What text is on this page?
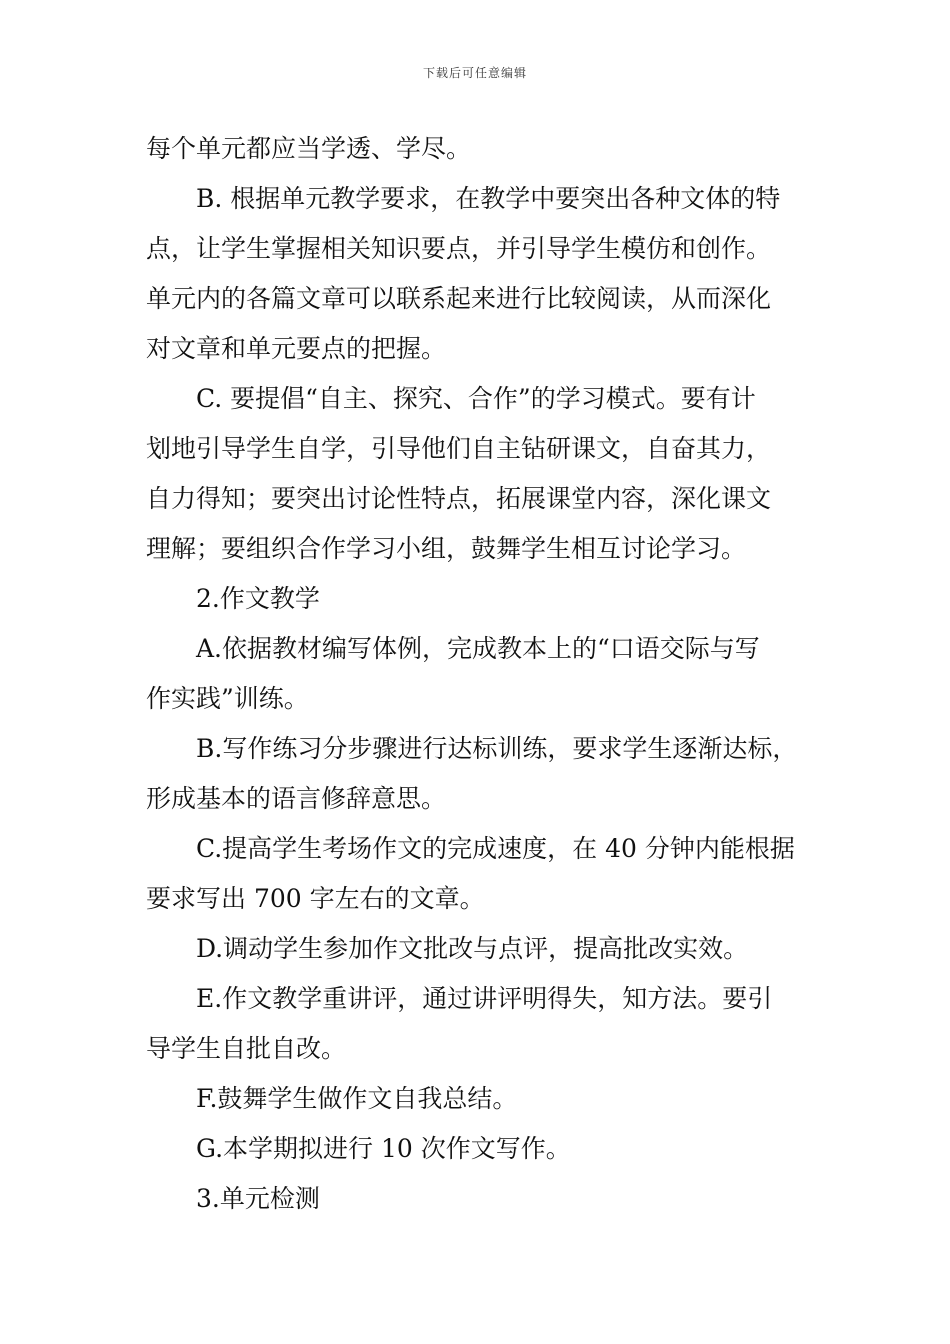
下载后可任意编辑
每个单元都应当学透、学尽。
B. 根据单元教学要求，在教学中要突出各种文体的特
点，让学生掌握相关知识要点，并引导学生模仿和创作。
单元内的各篇文章可以联系起来进行比较阅读，从而深化
对文章和单元要点的把握。
C. 要提倡“自主、探究、合作”的学习模式。要有计
划地引导学生自学，引导他们自主钻研课文，自奋其力，
自力得知；要突出讨论性特点，拓展课堂内容，深化课文
理解；要组织合作学习小组，鼓舞学生相互讨论学习。
2.作文教学
A.依据教材编写体例，完成教本上的“口语交际与写
作实践”训练。
B.写作练习分步骤进行达标训练，要求学生逐渐达标，
形成基本的语言修辞意思。
C.提高学生考场作文的完成速度，在 40 分钟内能根据
要求写出 700 字左右的文章。
D.调动学生参加作文批改与点评，提高批改实效。
E.作文教学重讲评，通过讲评明得失，知方法。要引
导学生自批自改。
F.鼓舞学生做作文自我总结。
G.本学期拟进行 10 次作文写作。
3.单元检测
